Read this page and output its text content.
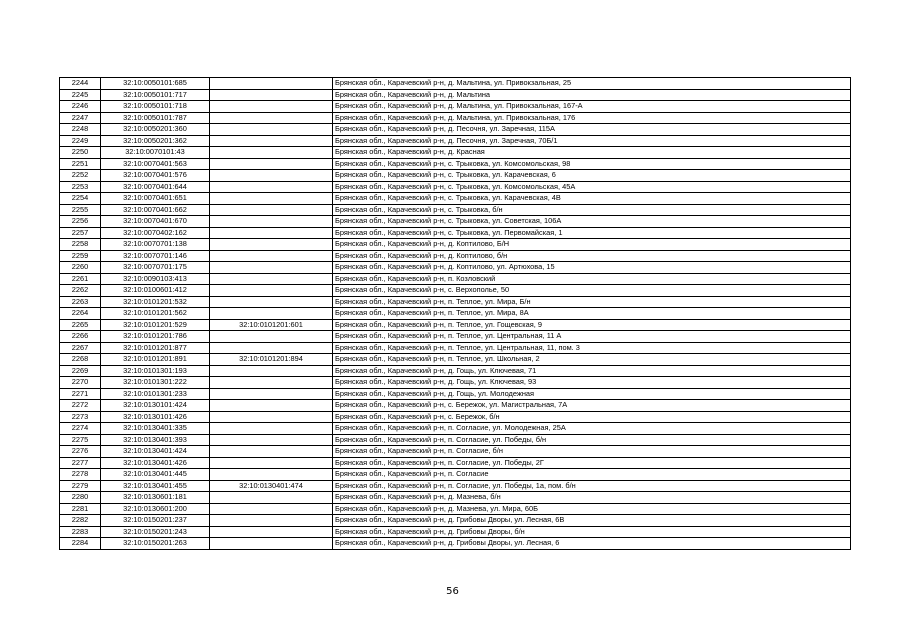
2244	32:10:0050101:685		Брянская обл., Карачевский р-н, д. Мальтина, ул. Привокзальная, 25
2245	32:10:0050101:717		Брянская обл., Карачевский р-н, д. Мальтина
2246	32:10:0050101:718		Брянская обл., Карачевский р-н, д. Мальтина, ул. Привокзальная, 167-А
2247	32:10:0050101:787		Брянская обл., Карачевский р-н, д. Мальтина, ул. Привокзальная, 176
2248	32:10:0050201:360		Брянская обл., Карачевский р-н, д. Песочня, ул. Заречная, 115А
2249	32:10:0050201:362		Брянская обл., Карачевский р-н, д. Песочня, ул. Заречная, 70Б/1
2250	32:10:0070101:43		Брянская обл., Карачевский р-н, д. Красная
2251	32:10:0070401:563		Брянская обл., Карачевский р-н, с. Трыковка, ул. Комсомольская, 98
2252	32:10:0070401:576		Брянская обл., Карачевский р-н, с. Трыковка, ул. Карачевская, 6
2253	32:10:0070401:644		Брянская обл., Карачевский р-н, с. Трыковка, ул. Комсомольская, 45А
2254	32:10:0070401:651		Брянская обл., Карачевский р-н, с. Трыковка, ул. Карачевская, 4В
2255	32:10:0070401:662		Брянская обл., Карачевский р-н, с. Трыковка, б/н
2256	32:10:0070401:670		Брянская обл., Карачевский р-н, с. Трыковка, ул. Советская, 106А
2257	32:10:0070402:162		Брянская обл., Карачевский р-н, с. Трыковка, ул. Первомайская, 1
2258	32:10:0070701:138		Брянская обл., Карачевский р-н, д. Коптилово, Б/Н
2259	32:10:0070701:146		Брянская обл., Карачевский р-н, д. Коптилово, б/н
2260	32:10:0070701:175		Брянская обл., Карачевский р-н, д. Коптилово, ул. Артюхова, 15
2261	32:10:0090103:413		Брянская обл., Карачевский р-н, п. Козловский
2262	32:10:0100601:412		Брянская обл., Карачевский р-н, с. Верхополье, 50
2263	32:10:0101201:532		Брянская обл., Карачевский р-н, п. Теплое, ул. Мира, Б/н
2264	32:10:0101201:562		Брянская обл., Карачевский р-н, п. Теплое, ул. Мира, 8А
2265	32:10:0101201:529	32:10:0101201:601	Брянская обл., Карачевский р-н, п. Теплое, ул. Гощевская, 9
2266	32:10:0101201:786		Брянская обл., Карачевский р-н, п. Теплое, ул. Центральная, 11 А
2267	32:10:0101201:877		Брянская обл., Карачевский р-н, п. Теплое, ул. Центральная, 11, пом. 3
2268	32:10:0101201:891	32:10:0101201:894	Брянская обл., Карачевский р-н, п. Теплое, ул. Школьная, 2
2269	32:10:0101301:193		Брянская обл., Карачевский р-н, д. Гощь, ул. Ключевая, 71
2270	32:10:0101301:222		Брянская обл., Карачевский р-н, д. Гощь, ул. Ключевая, 93
2271	32:10:0101301:233		Брянская обл., Карачевский р-н, д. Гощь, ул. Молодежная
2272	32:10:0130101:424		Брянская обл., Карачевский р-н, с. Бережок, ул. Магистральная, 7А
2273	32:10:0130101:426		Брянская обл., Карачевский р-н, с. Бережок, б/н
2274	32:10:0130401:335		Брянская обл., Карачевский р-н, п. Согласие, ул. Молодежная, 25А
2275	32:10:0130401:393		Брянская обл., Карачевский р-н, п. Согласие, ул. Победы, б/н
2276	32:10:0130401:424		Брянская обл., Карачевский р-н, п. Согласие, б/н
2277	32:10:0130401:426		Брянская обл., Карачевский р-н, п. Согласие, ул. Победы, 2Г
2278	32:10:0130401:445		Брянская обл., Карачевский р-н, п. Согласие
2279	32:10:0130401:455	32:10:0130401:474	Брянская обл., Карачевский р-н, п. Согласие, ул. Победы, 1а, пом. б/н
2280	32:10:0130601:181		Брянская обл., Карачевский р-н, д. Мазнева, б/н
2281	32:10:0130601:200		Брянская обл., Карачевский р-н, д. Мазнева, ул. Мира, 60Б
2282	32:10:0150201:237		Брянская обл., Карачевский р-н, д. Грибовы Дворы, ул. Лесная, 6В
2283	32:10:0150201:243		Брянская обл., Карачевский р-н, д. Грибовы Дворы, б/н
2284	32:10:0150201:263		Брянская обл., Карачевский р-н, д. Грибовы Дворы, ул. Лесная, 6
56
